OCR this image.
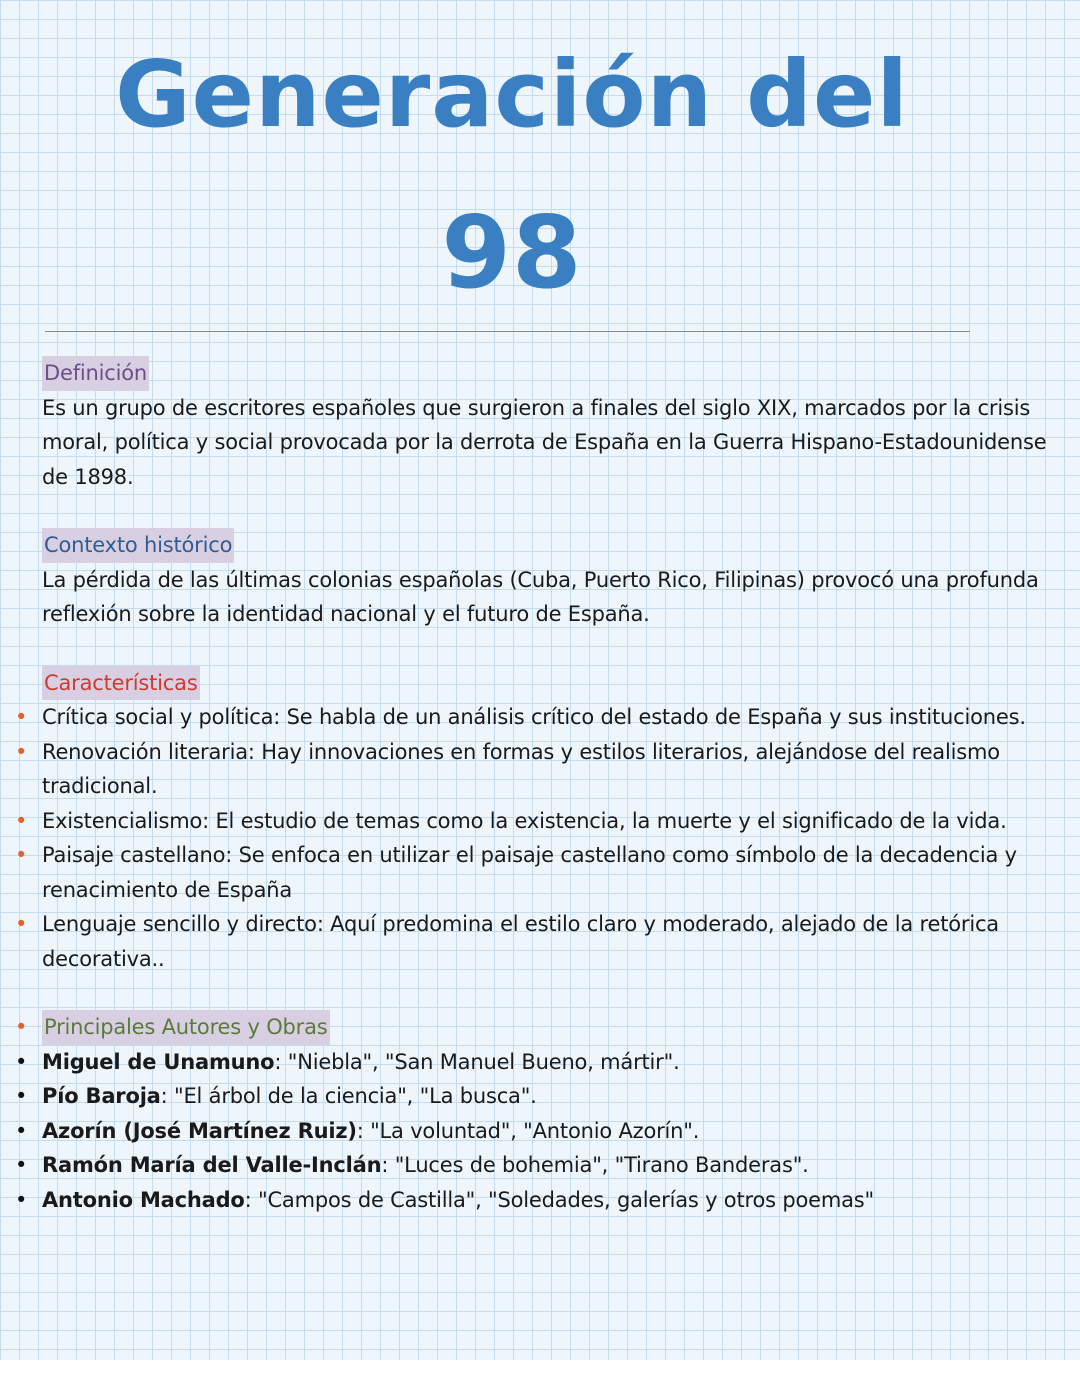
Generación del
98
Definición

Es un grupo de escritores españoles que surgieron a finales del siglo XIX, marcados por la crisis moral, política y social provocada por la derrota de España en la Guerra Hispano-Estadounidense de 1898.

Contexto histórico

La pérdida de las últimas colonias españolas (Cuba, Puerto Rico, Filipinas) provocó una profunda reflexión sobre la identidad nacional y el futuro de España.

Características
• Crítica social y política: Se habla de un análisis crítico del estado de España y sus instituciones.
• Renovación literaria: Hay innovaciones en formas y estilos literarios, alejándose del realismo tradicional.
• Existencialismo: El estudio de temas como la existencia, la muerte y el significado de la vida.
• Paisaje castellano: Se enfoca en utilizar el paisaje castellano como símbolo de la decadencia y renacimiento de España
• Lenguaje sencillo y directo: Aquí predomina el estilo claro y moderado, alejado de la retórica decorativa..
• Principales Autores y Obras
• Miguel de Unamuno: "Niebla", "San Manuel Bueno, mártir".
• Pío Baroja: "El árbol de la ciencia", "La busca".
• Azorín (José Martínez Ruiz): "La voluntad", "Antonio Azorín".
• Ramón María del Valle-Inclán: "Luces de bohemia", "Tirano Banderas".
• Antonio Machado: "Campos de Castilla", "Soledades, galerías y otros poemas"
